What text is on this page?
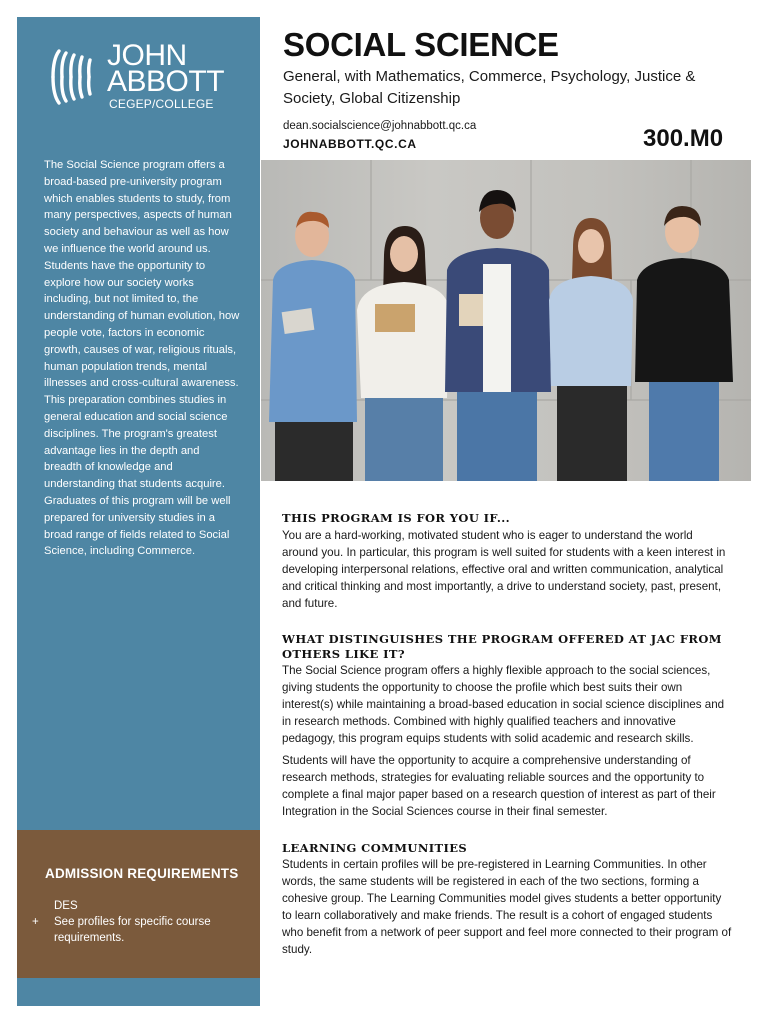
JOHN
ABBOTT
CEGEP/COLLEGE
The Social Science program offers a broad-based pre-university program which enables students to study, from many perspectives, aspects of human society and behaviour as well as how we influence the world around us. Students have the opportunity to explore how our society works including, but not limited to, the understanding of human evolution, how people vote, factors in economic growth, causes of war, religious rituals, human population trends, mental illnesses and cross-cultural awareness. This preparation combines studies in general education and social science disciplines. The program's greatest advantage lies in the depth and breadth of knowledge and understanding that students acquire. Graduates of this program will be well prepared for university studies in a broad range of fields related to Social Science, including Commerce.
ADMISSION REQUIREMENTS
DES
+ See profiles for specific course requirements.
SOCIAL SCIENCE
General, with Mathematics, Commerce, Psychology, Justice & Society, Global Citizenship
dean.socialscience@johnabbott.qc.ca
JOHNABBOTT.QC.CA	300.M0
THIS PROGRAM IS FOR YOU IF...
You are a hard-working, motivated student who is eager to understand the world around you. In particular, this program is well suited for students with a keen interest in developing interpersonal relations, effective oral and written communication, analytical and critical thinking and most importantly, a drive to understand society, past, present, and future.
WHAT DISTINGUISHES THE PROGRAM OFFERED AT JAC FROM OTHERS LIKE IT?
The Social Science program offers a highly flexible approach to the social sciences, giving students the opportunity to choose the profile which best suits their own interest(s) while maintaining a broad-based education in social science disciplines and in research methods. Combined with highly qualified teachers and innovative pedagogy, this program equips students with solid academic and research skills.
Students will have the opportunity to acquire a comprehensive understanding of research methods, strategies for evaluating reliable sources and the opportunity to complete a final major paper based on a research question of interest as part of their Integration in the Social Sciences course in their final semester.
LEARNING COMMUNITIES
Students in certain profiles will be pre-registered in Learning Communities. In other words, the same students will be registered in each of the two sections, forming a cohesive group. The Learning Communities model gives students a better opportunity to learn collaboratively and make friends. The result is a cohort of engaged students who benefit from a network of peer support and feel more connected to their program of study.
